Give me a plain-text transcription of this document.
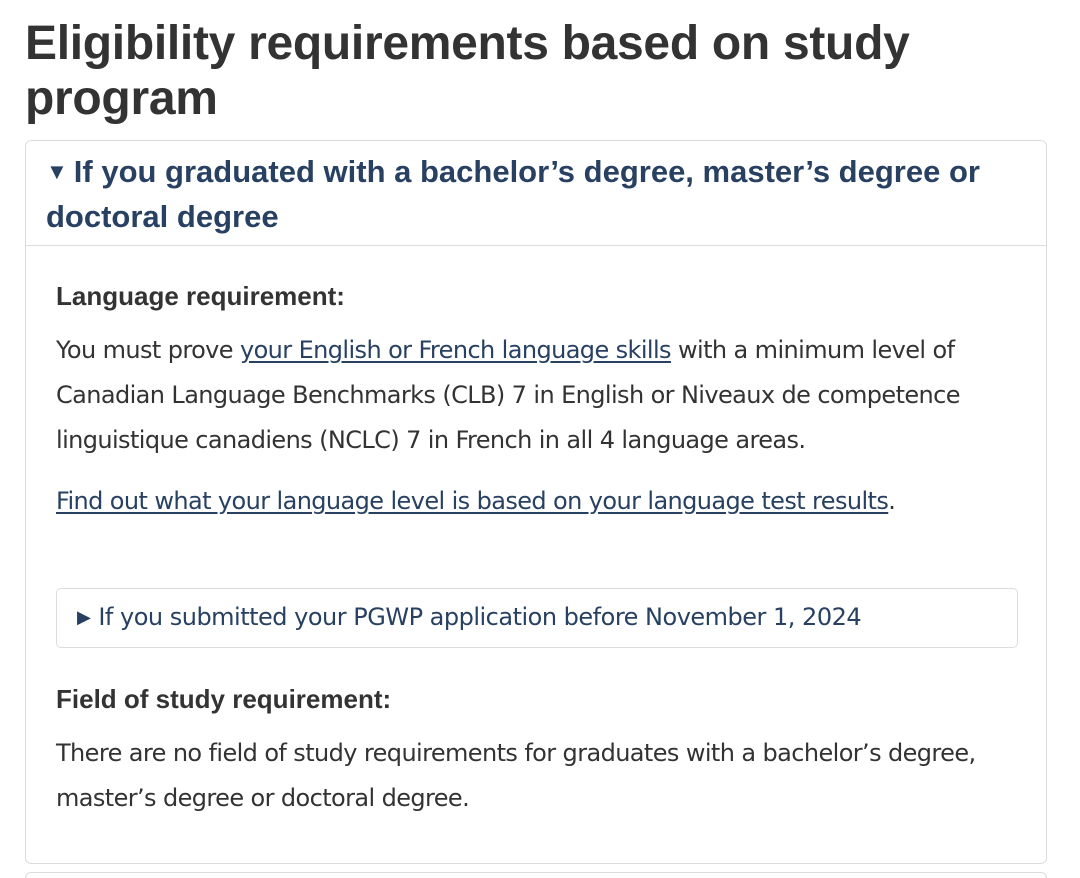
Eligibility requirements based on study program
▼ If you graduated with a bachelor’s degree, master’s degree or doctoral degree
Language requirement:

You must prove your English or French language skills with a minimum level of Canadian Language Benchmarks (CLB) 7 in English or Niveaux de competence linguistique canadiens (NCLC) 7 in French in all 4 language areas.

Find out what your language level is based on your language test results.

▶ If you submitted your PGWP application before November 1, 2024
Field of study requirement:

There are no field of study requirements for graduates with a bachelor’s degree, master’s degree or doctoral degree.
